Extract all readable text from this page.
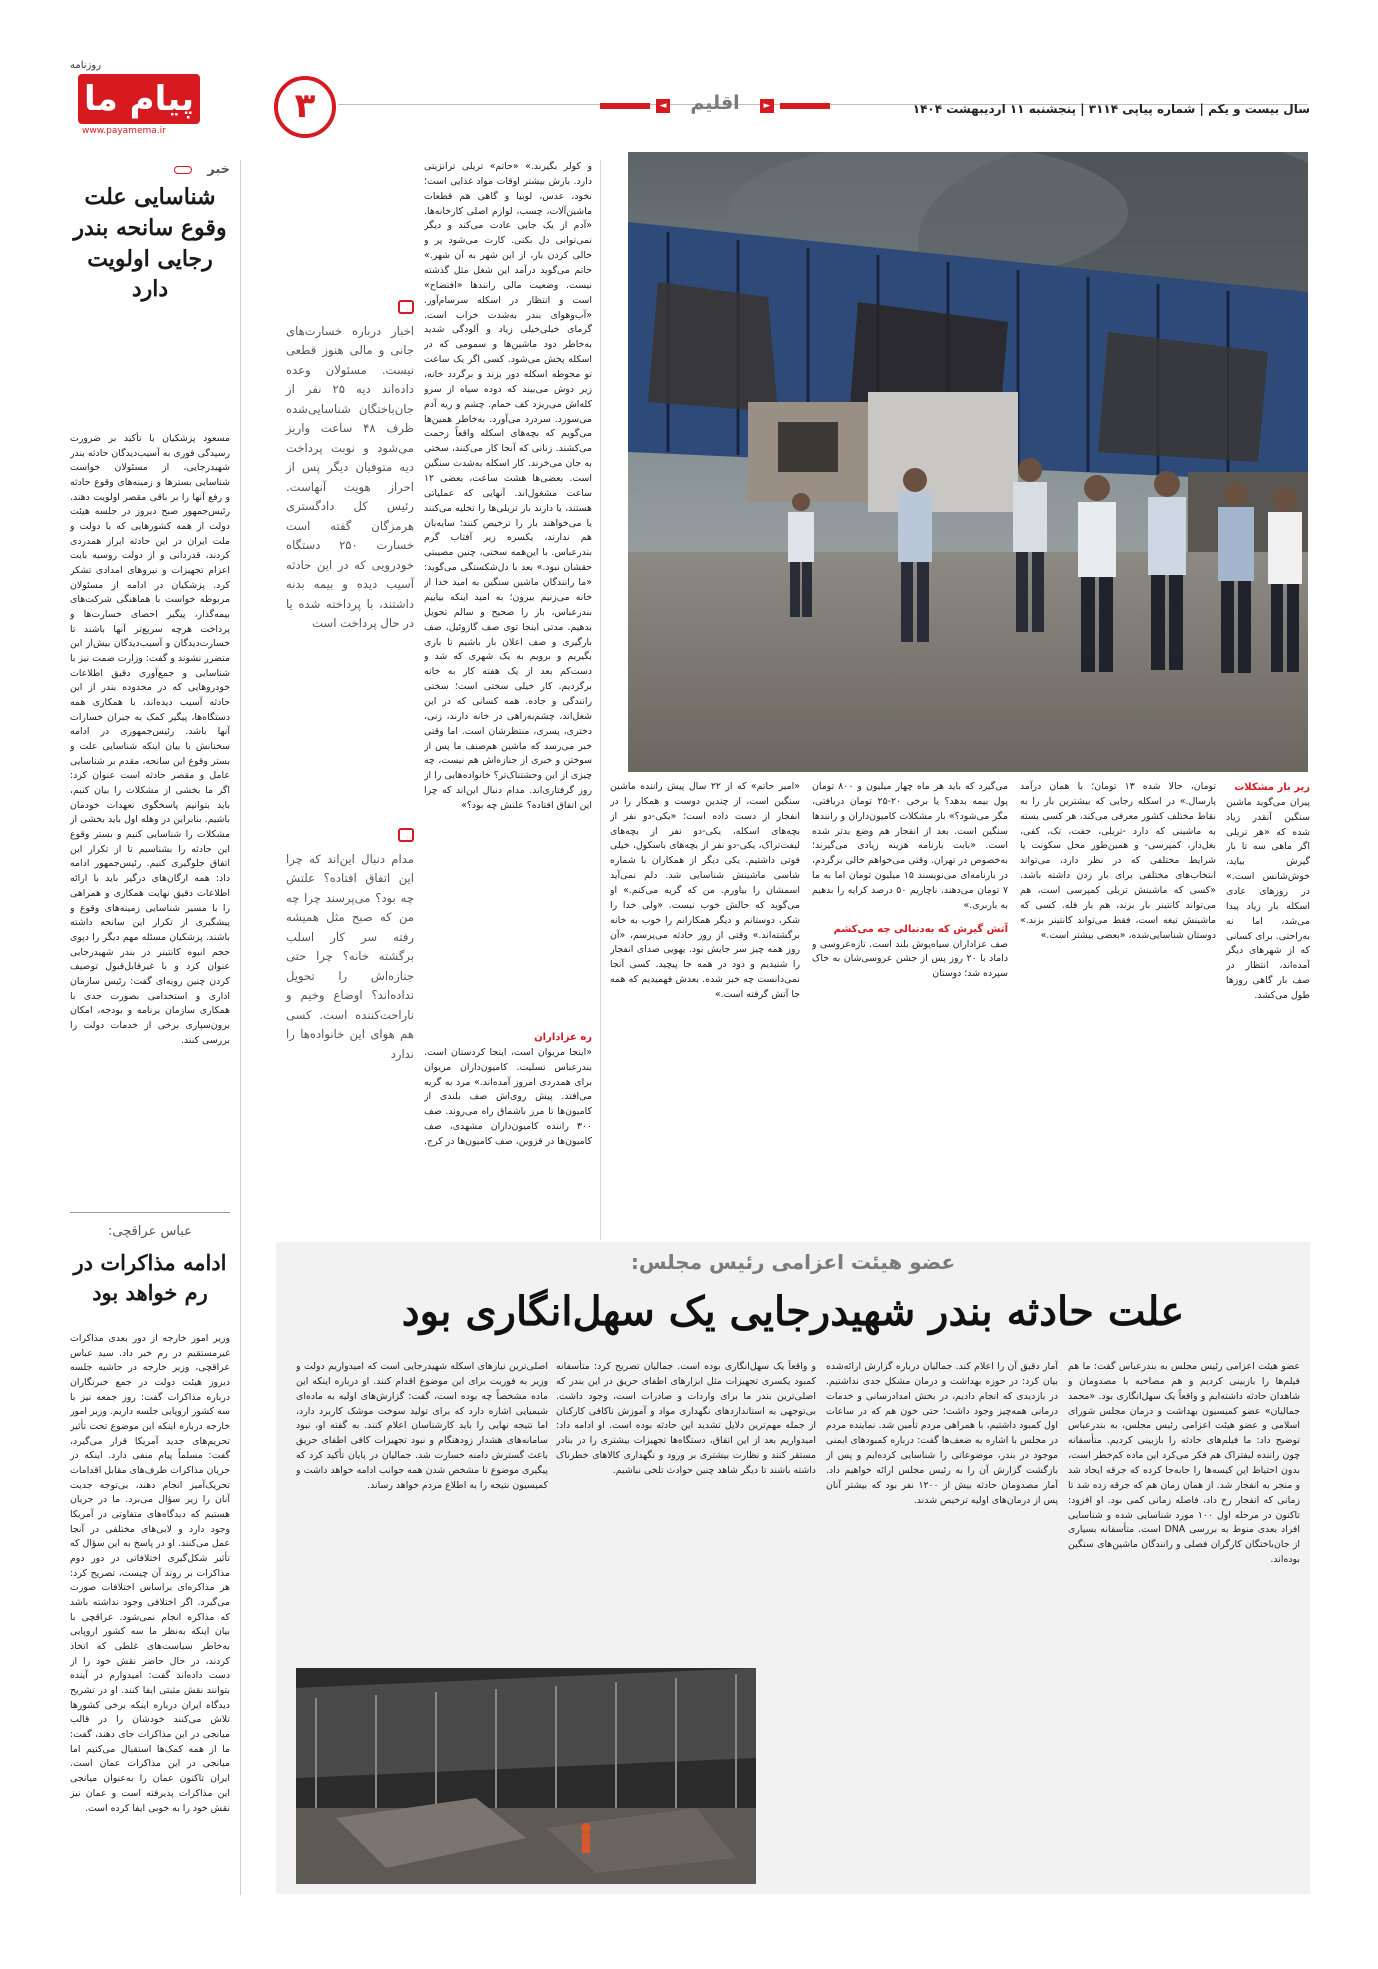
روزنامه
پیام ما
www.payamema.ir
۳	◄	اقلیم	►	سال بیست و یکم | شماره پیاپی ۳۱۱۴ | پنجشنبه ۱۱ اردیبهشت ۱۴۰۴
خبر
شناسایی علت وقوع سانحه بندر رجایی اولویت دارد
مسعود پزشکیان با تأکید بر ضرورت رسیدگی فوری به آسیب‌دیدگان حادثه بندر شهیدرجایی، از مسئولان خواست شناسایی بسترها و زمینه‌های وقوع حادثه و رفع آنها را بر باقی مقصر اولویت دهند. رئیس‌جمهور صبح دیروز در جلسه هیئت دولت از همه کشورهایی که با دولت و ملت ایران در این حادثه ابراز همدردی کردند، قدردانی و از دولت روسیه بابت اعزام تجهیزات و نیروهای امدادی تشکر کرد. پزشکیان در ادامه از مسئولان مربوطه خواست با هماهنگی شرکت‌های بیمه‌گذار، پیگیر احصای خسارت‌ها و پرداخت هرچه سریع‌تر آنها باشند تا خسارت‌دیدگان و آسیب‌دیدگان بیش‌از این متضرر نشوند و گفت: وزارت صمت نیز با شناسایی و جمع‌آوری دقیق اطلاعات خودروهایی که در محدوده بندر از این حادثه آسیب دیده‌اند، با همکاری همه دستگاه‌ها، پیگیر کمک به جبران خسارات آنها باشد. رئیس‌جمهوری در ادامه سخنانش با بیان اینکه شناسایی علت و بستر وقوع این سانحه، مقدم بر شناسایی عامل و مقصر حادثه است عنوان کرد: اگر ما بخشی از مشکلات را بیان کنیم، باید بتوانیم پاسخگوی تعهدات خودمان باشیم. بنابراین در وهله اول باید بخشی از مشکلات را شناسایی کنیم و بستر وقوع این حادثه را بشناسیم تا از تکرار این اتفاق جلوگیری کنیم. رئیس‌جمهور ادامه داد: همه ارگان‌های درگیر باید با ارائه اطلاعات دقیق نهایت همکاری و همراهی را با مسیر شناسایی زمینه‌های وقوع و پیشگیری از تکرار این سانحه داشته باشند. پزشکیان مسئله مهم دیگر را دپوی حجم انبوه کانتینر در بندر شهیدرجایی عنوان کرد و با غیرقابل‌قبول توصیف کردن چنین رویه‌ای گفت: رئیس سازمان اداری و استخدامی بصورت جدی با همکاری سازمان برنامه و بودجه، امکان برون‌سپاری برخی از خدمات دولت را بررسی کنند.
عباس عراقچی:
ادامه مذاکرات در رم خواهد بود
وزیر امور خارجه از دور بعدی مذاکرات غیرمستقیم در رم خبر داد. سید عباس عراقچی، وزیر خارجه در حاشیه جلسه دیروز هیئت دولت در جمع خبرنگاران درباره مذاکرات گفت: روز جمعه نیز با سه کشور اروپایی جلسه داریم. وزیر امور خارجه درباره اینکه این موضوع تحت تأثیر تحریم‌های جدید آمریکا قرار می‌گیرد، گفت: مسلماً پیام منفی دارد. اینکه در جریان مذاکرات طرف‌های مقابل اقدامات تحریک‌آمیز انجام دهند، بی‌توجه جدیت آنان را زیر سؤال می‌برد. ما در جریان هستیم که دیدگاه‌های متفاوتی در آمریکا وجود دارد و لابی‌های مختلفی در آنجا عمل می‌کنند. او در پاسخ به این سؤال که تأثیر شکل‌گیری اختلافاتی در دور دوم مذاکرات بر روند آن چیست، تصریح کرد: هر مذاکره‌ای براساس اختلافات صورت می‌گیرد. اگر اختلافی وجود نداشته باشد که مذاکره انجام نمی‌شود. عراقچی با بیان اینکه به‌نظر ما سه کشور اروپایی به‌خاطر سیاست‌های غلطی که اتخاذ کردند، در حال حاضر نقش خود را از دست داده‌اند گفت: امیدوارم در آینده بتوانند نقش مثبتی ایفا کنند. او در تشریح دیدگاه ایران درباره اینکه برخی کشورها تلاش می‌کنند خودشان را در قالب میانجی در این مذاکرات جای دهند، گفت: ما از همه کمک‌ها استقبال می‌کنیم اما میانجی در این مذاکرات عمان است. ایران تاکنون عمان را به‌عنوان میانجی این مذاکرات پذیرفته است و عمان نیز نقش خود را به خوبی ایفا کرده است.
اخبار درباره خسارت‌های جانی و مالی هنوز قطعی نیست. مسئولان وعده داده‌اند دیه ۲۵ نفر از جان‌باختگان شناسایی‌شده ظرف ۴۸ ساعت واریز می‌شود و نوبت پرداخت دیه متوفیان دیگر پس از احراز هویت آنهاست. رئیس کل دادگستری هرمزگان گفته است خسارت ۲۵۰ دستگاه خودرویی که در این حادثه آسیب دیده و بیمه بدنه داشتند، با پرداخته شده یا در حال پرداخت است
مدام دنبال این‌اند که چرا این اتفاق افتاده؟ علتش چه بود؟ می‌پرسند چرا چه من که صبح مثل همیشه رفته سر کار اسلب برگشته خانه؟ چرا حتی جنازه‌اش را تحویل نداده‌اند؟ اوضاع وخیم و ناراحت‌کننده است. کسی هم هوای این خانواده‌ها را ندارد
و کولر بگیرند.» «حاتم» تریلی ترانزیتی دارد. بارش بیشتر اوقات مواد غذایی است؛ نخود، عدس، لوبیا و گاهی هم قطعات ماشین‌آلات، چسب، لوازم اصلی کارخانه‌ها. «آدم از یک جایی عادت می‌کند و دیگر نمی‌توانی دل بکنی. کارت می‌شود پر و خالی کردن بار، از این شهر به آن شهر.» حاتم می‌گوید درآمد این شغل مثل گذشته نیست. وضعیت مالی رانندها «افتضاح» است و انتظار در اسکله سرسام‌آور. «آب‌وهوای بندر به‌شدت خراب است. گرمای خیلی‌خیلی زیاد و آلودگی شدید به‌خاطر دود ماشین‌ها و سمومی که در اسکله پخش می‌شود. کسی اگر یک ساعت تو محوطه اسکله دور بزند و برگردد خانه، زیر دوش می‌بیند که دوده سیاه از سرو کله‌اش می‌ریزد کف حمام. چشم و ریه آدم می‌سوزد. سردرد می‌آورد. به‌خاطر همین‌ها می‌گویم که بچه‌های اسکله واقعاً زحمت می‌کشند. زنانی که آنجا کار می‌کنند، سختی به جان می‌خرند. کار اسکله به‌شدت سنگین است. بعضی‌ها هشت ساعت، بعضی ۱۲ ساعت مشغول‌اند. آنهایی که عملیاتی هستند، یا دارند بار تریلی‌ها را تخلیه می‌کنند یا می‌خواهند بار را ترخیص کنند؛ سایه‌بان هم ندارند، یکسره زیر آفتاب گرم بندرعباس. با این‌همه سختی، چنین مصیبتی حقشان نبود.» بعد با دل‌شکستگی می‌گوید: «ما رانندگان ماشین سنگین به امید خدا از خانه می‌زنیم بیرون؛ به امید اینکه بیاییم بندرعباس، بار را صحیح و سالم تحویل بدهیم. مدتی اینجا توی صف گازوئیل، صف بارگیری و صف اعلان بار باشیم تا باری بگیریم و برویم به یک شهری که شد و دست‌کم بعد از یک هفته کار به خانه برگردیم. کار خیلی سختی است؛ سختی رانندگی و جاده. همه کسانی که در این شغل‌اند، چشم‌به‌راهی در خانه دارند، زنی، دختری، پسری، منتظرشان است. اما وقتی خبر می‌رسد که ماشین هم‌صنف ما پس از سوختن و خبری از جنازه‌اش هم نیست، چه چیزی از این وحشتناک‌تر؟ خانواده‌هایی را از روز گرفتاری‌اند. مدام دنبال این‌اند که چرا این اتفاق افتاده؟ علتش چه بود؟»
ره عزاداران
«اینجا مریوان است، اینجا کردستان است. بندرعباس تسلیت. کامیون‌داران مریوان برای همدردی امروز آمده‌اند.» مرد به گریه می‌افتد. پیش روی‌اش صف بلندی از کامیون‌ها تا مرز باشماق راه می‌روند. صف ۳۰۰ راننده کامیون‌داران مشهدی، صف کامیون‌ها در قزوین، صف کامیون‌ها در کرج.
«امیر حاتم» که از ۲۲ سال پیش راننده ماشین سنگین است، از چندین دوست و همکار را در انفجار از دست داده است؛ «یکی-دو نفر از بچه‌های اسکله، یکی-دو نفر از بچه‌های لیفت‌تراک، یکی-دو نفر از بچه‌های باسکول، خیلی فوتی داشتیم. یکی دیگر از همکاران با شماره شاسی ماشینش شناسایی شد. دلم نمی‌آید اسمشان را بیاورم. من که گریه می‌کنم.» او می‌گوید که حالش خوب نیست. «ولی خدا را شکر، دوستانم و دیگر همکارانم را خوب به خانه برگشته‌اند.» وقتی از روز حادثه می‌پرسم، «آن روز همه چیز سر جایش بود. یهویی صدای انفجار را شنیدیم و دود در همه جا پیچید. کسی آنجا نمی‌دانست چه خبر شده. بعدش فهمیدیم که همه جا آتش گرفته است.»
می‌گیرد که باید هر ماه چهار میلیون و ۸۰۰ تومان پول بیمه بدهد؟ یا برخی ۲۰-۲۵ تومان دریافتی، مگر می‌شود؟» بار مشکلات کامیون‌داران و رانندها سنگین است. بعد از انفجار هم وضع بدتر شده است. «بابت بارنامه هزینه زیادی می‌گیرند؛ به‌خصوص در تهران. وقتی می‌خواهم خالی برگردم، در بارنامه‌ای می‌نویسند ۱۵ میلیون تومان اما به ما ۷ تومان می‌دهند. ناچاریم ۵۰ درصد کرایه را بدهیم به باربری.»
آتش گیرش که به‌دنبالی چه می‌کشم
صف عزاداران سیاه‌پوش بلند است. تازه‌عروسی و داماد با ۲۰ روز پس از جشن عروسی‌شان به خاک سپرده شد؛ دوستان
تومان، حالا شده ۱۳ تومان؛ با همان درآمد پارسال.» در اسکله رجایی که بیشترین بار را به نقاط مختلف کشور معرفی می‌کند، هر کسی بسته به ماشینی که دارد -تریلی، جفت، تک، کفی، بغل‌دار، کمپرسی- و همین‌طور محل سکونت یا شرایط مختلفی که در نظر دارد، می‌تواند انتخاب‌های مختلفی برای بار زدن داشته باشد. «کسی که ماشینش تریلی کمپرسی است، هم می‌تواند کانتینر بار بزند، هم بار فله. کسی که ماشینش تیغه است، فقط می‌تواند کانتینر بزند.» دوستان شناسایی‌شده، «بعضی بیشتر است.»
زیر بار مشکلات
پیران می‌گوید ماشین سنگین آنقدر زیاد شده که «هر تریلی اگر ماهی سه تا بار گیرش بیاید، خوش‌شانس است.» در روزهای عادی اسکله بار زیاد پیدا می‌شد، اما نه به‌راحتی. برای کسانی که از شهرهای دیگر آمده‌اند، انتظار در صف بار گاهی روزها طول می‌کشد.
عضو هیئت اعزامی رئیس مجلس:
علت حادثه بندر شهیدرجایی یک سهل‌انگاری بود
عضو هیئت اعزامی رئیس مجلس به بندرعباس گفت: ما هم فیلم‌ها را بازبینی کردیم و هم مصاحبه با مصدومان و شاهدان حادثه داشته‌ایم و واقعاً یک سهل‌انگاری بود. «محمد جمالیان» عضو کمیسیون بهداشت و درمان مجلس شورای اسلامی و عضو هیئت اعزامی رئیس مجلس، به بندرعباس توضیح داد: ما فیلم‌های حادثه را بازبینی کردیم. متأسفانه چون راننده لیفتراک هم فکر می‌کرد این ماده کم‌خطر است، بدون احتیاط این کیسه‌ها را جابه‌جا کرده که جرقه ایجاد شد و منجر به انفجار شد. از همان زمان هم که جرقه زده شد تا زمانی که انفجار رخ داد، فاصله زمانی کمی بود. او افزود: تاکنون در مرحله اول ۱۰۰ مورد شناسایی شده و شناسایی افراد بعدی منوط به بررسی DNA است. متأسفانه بسیاری از جان‌باختگان کارگران فصلی و رانندگان ماشین‌های سنگین بوده‌اند.
آمار دقیق آن را اعلام کند. جمالیان درباره گزارش ارائه‌شده بیان کرد: در حوزه بهداشت و درمان مشکل جدی نداشتیم. در بازدیدی که انجام دادیم، در بخش امدادرسانی و خدمات درمانی همه‌چیز وجود داشت؛ حتی خون هم که در ساعات اول کمبود داشتیم، با همراهی مردم تأمین شد. نماینده مردم در مجلس با اشاره به ضعف‌ها گفت: درباره کمبودهای ایمنی موجود در بندر، موضوعاتی را شناسایی کرده‌ایم و پس از بازگشت گزارش آن را به رئیس مجلس ارائه خواهیم داد. آمار مصدومان حادثه بیش از ۱۲۰۰ نفر بود که بیشتر آنان پس از درمان‌های اولیه ترخیص شدند.
و واقعاً یک سهل‌انگاری بوده است. جمالیان تصریح کرد: متأسفانه کمبود یکسری تجهیزات مثل ابزارهای اطفای حریق در این بندر که اصلی‌ترین بندر ما برای واردات و صادرات است، وجود داشت. بی‌توجهی به استانداردهای نگهداری مواد و آموزش ناکافی کارکنان از جمله مهم‌ترین دلایل تشدید این حادثه بوده است. او ادامه داد: امیدواریم بعد از این اتفاق، دستگاه‌ها تجهیزات بیشتری را در بنادر مستقر کنند و نظارت بیشتری بر ورود و نگهداری کالاهای خطرناک داشته باشند تا دیگر شاهد چنین حوادث تلخی نباشیم.
اصلی‌ترین نیازهای اسکله شهیدرجایی است که امیدواریم دولت و وزیر به فوریت برای این موضوع اقدام کنند. او درباره اینکه این ماده مشخصاً چه بوده است، گفت: گزارش‌های اولیه به ماده‌ای شیمیایی اشاره دارد که برای تولید سوخت موشک کاربرد دارد، اما نتیجه نهایی را باید کارشناسان اعلام کنند. به گفته او، نبود سامانه‌های هشدار زودهنگام و نبود تجهیزات کافی اطفای حریق باعث گسترش دامنه خسارت شد. جمالیان در پایان تأکید کرد که پیگیری موضوع تا مشخص شدن همه جوانب ادامه خواهد داشت و کمیسیون نتیجه را به اطلاع مردم خواهد رساند.
